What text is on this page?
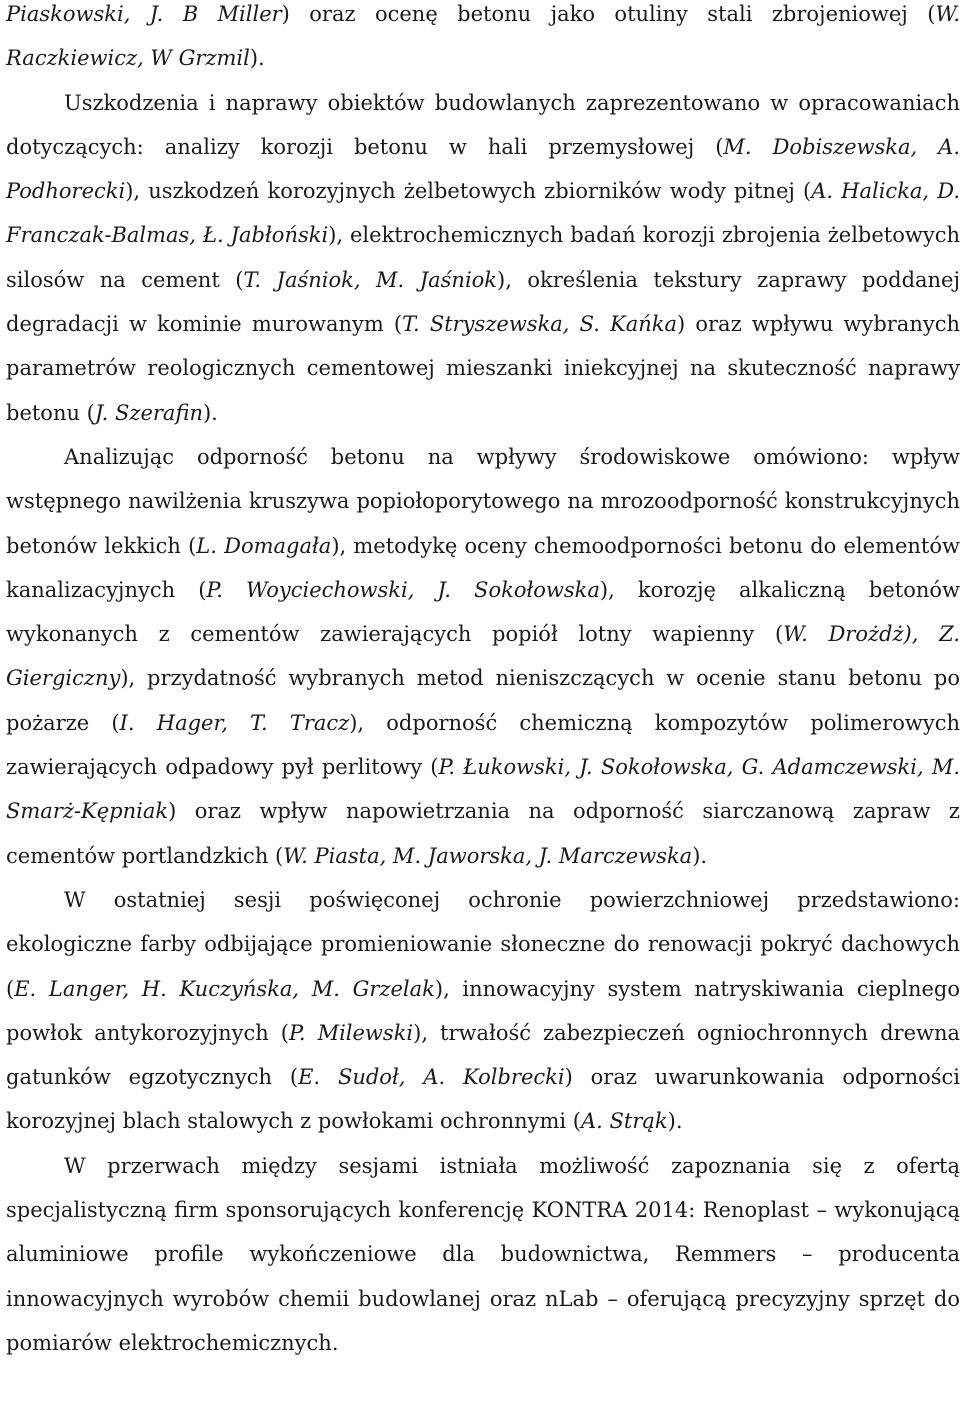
Piaskowski, J. B Miller) oraz ocenę betonu jako otuliny stali zbrojeniowej (W. Raczkiewicz, W Grzmil).

Uszkodzenia i naprawy obiektów budowlanych zaprezentowano w opracowaniach dotyczących: analizy korozji betonu w hali przemysłowej (M. Dobiszewska, A. Podhorecki), uszkodzeń korozyjnych żelbetowych zbiorników wody pitnej (A. Halicka, D. Franczak-Balmas, Ł. Jabłoński), elektrochemicznych badań korozji zbrojenia żelbetowych silosów na cement (T. Jaśniok, M. Jaśniok), określenia tekstury zaprawy poddanej degradacji w kominie murowanym (T. Stryszewska, S. Kańka) oraz wpływu wybranych parametrów reologicznych cementowej mieszanki iniekcyjnej na skuteczność naprawy betonu (J. Szerafin).

Analizując odporność betonu na wpływy środowiskowe omówiono: wpływ wstępnego nawilżenia kruszywa popiołoporytowego na mrozoodporność konstrukcyjnych betonów lekkich (L. Domagała), metodykę oceny chemoodporności betonu do elementów kanalizacyjnych (P. Woyciechowski, J. Sokołowska), korozję alkaliczną betonów wykonanych z cementów zawierających popiół lotny wapienny (W. Drożdż), Z. Giergiczny), przydatność wybranych metod nieniszczących w ocenie stanu betonu po pożarze (I. Hager, T. Tracz), odporność chemiczną kompozytów polimerowych zawierających odpadowy pył perlitowy (P. Łukowski, J. Sokołowska, G. Adamczewski, M. Smarż-Kępniak) oraz wpływ napowietrzania na odporność siarczanową zapraw z cementów portlandzkich (W. Piasta, M. Jaworska, J. Marczewska).

W ostatniej sesji poświęconej ochronie powierzchniowej przedstawiono: ekologiczne farby odbijające promieniowanie słoneczne do renowacji pokryć dachowych (E. Langer, H. Kuczyńska, M. Grzelak), innowacyjny system natryskiwania cieplnego powłok antykorozyjnych (P. Milewski), trwałość zabezpieczeń ogniochronnych drewna gatunków egzotycznych (E. Sudoł, A. Kolbrecki) oraz uwarunkowania odporności korozyjnej blach stalowych z powłokami ochronnymi (A. Strąk).

W przerwach między sesjami istniała możliwość zapoznania się z ofertą specjalistyczną firm sponsorujących konferencję KONTRA 2014: Renoplast – wykonującą aluminiowe profile wykończeniowe dla budownictwa, Remmers – producenta innowacyjnych wyrobów chemii budowlanej oraz nLab – oferującą precyzyjny sprzęt do pomiarów elektrochemicznych.
